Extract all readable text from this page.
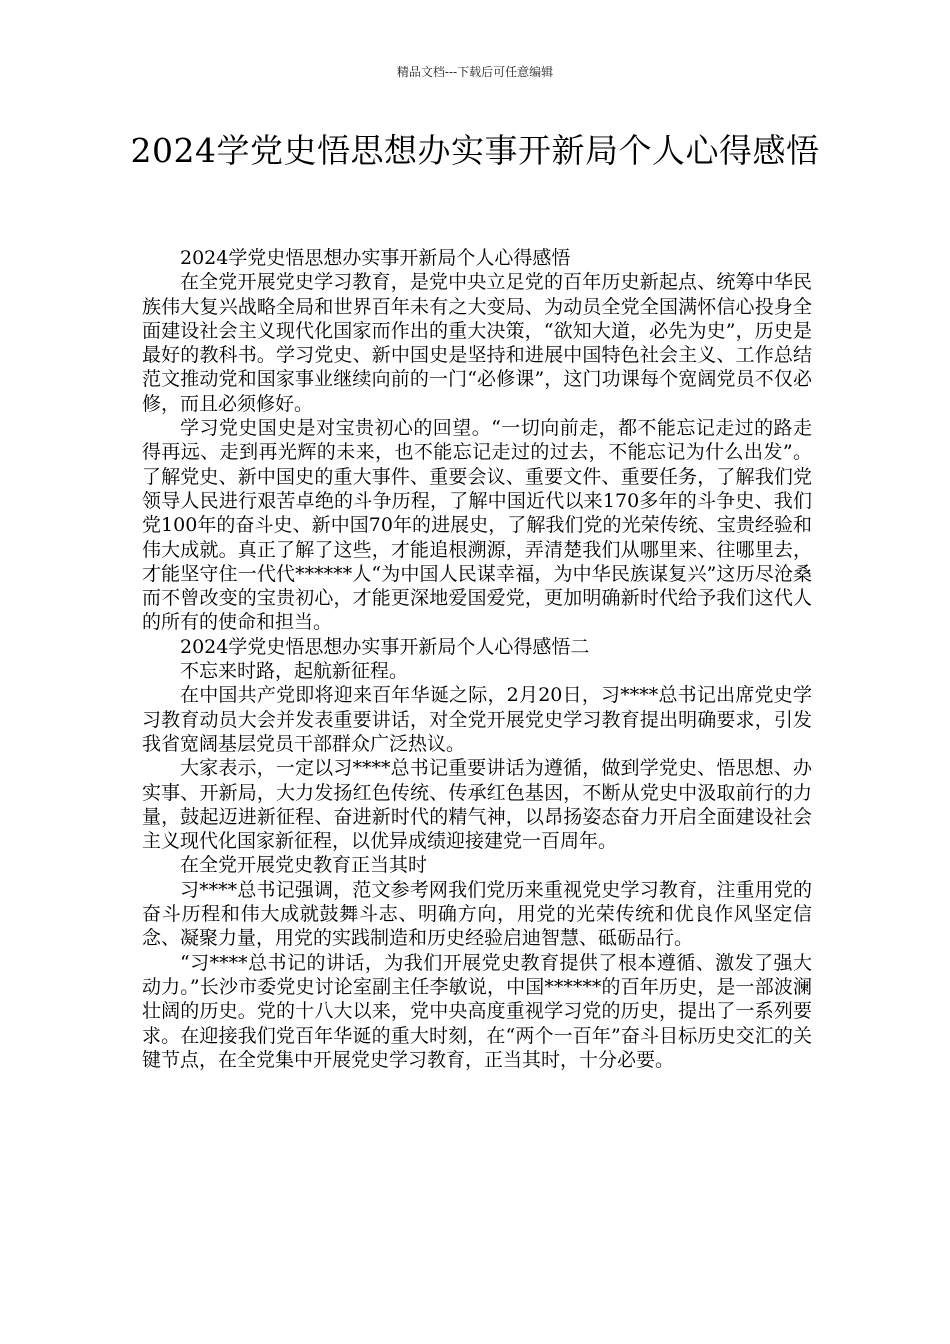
精品文档---下载后可任意编辑
2024学党史悟思想办实事开新局个人心得感悟

2024学党史悟思想办实事开新局个人心得感悟

在全党开展党史学习教育，是党中央立足党的百年历史新起点、统筹中华民族伟大复兴战略全局和世界百年未有之大变局、为动员全党全国满怀信心投身全面建设社会主义现代化国家而作出的重大决策，“欲知大道，必先为史”，历史是最好的教科书。学习党史、新中国史是坚持和进展中国特色社会主义、工作总结范文推动党和国家事业继续向前的一门“必修课”，这门功课每个宽阔党员不仅必修，而且必须修好。

学习党史国史是对宝贵初心的回望。“一切向前走，都不能忘记走过的路走得再远、走到再光辉的未来，也不能忘记走过的过去，不能忘记为什么出发”。了解党史、新中国史的重大事件、重要会议、重要文件、重要任务，了解我们党领导人民进行艰苦卓绝的斗争历程，了解中国近代以来170多年的斗争史、我们党100年的奋斗史、新中国70年的进展史，了解我们党的光荣传统、宝贵经验和伟大成就。真正了解了这些，才能追根溯源，弄清楚我们从哪里来、往哪里去，才能坚守住一代代******人“为中国人民谋幸福，为中华民族谋复兴”这历尽沧桑而不曾改变的宝贵初心，才能更深地爱国爱党，更加明确新时代给予我们这代人的所有的使命和担当。

2024学党史悟思想办实事开新局个人心得感悟二

不忘来时路，起航新征程。

在中国共产党即将迎来百年华诞之际，2月20日，习****总书记出席党史学习教育动员大会并发表重要讲话，对全党开展党史学习教育提出明确要求，引发我省宽阔基层党员干部群众广泛热议。

大家表示，一定以习****总书记重要讲话为遵循，做到学党史、悟思想、办实事、开新局，大力发扬红色传统、传承红色基因，不断从党史中汲取前行的力量，鼓起迈进新征程、奋进新时代的精气神，以昂扬姿态奋力开启全面建设社会主义现代化国家新征程，以优异成绩迎接建党一百周年。

在全党开展党史教育正当其时

习****总书记强调，范文参考网我们党历来重视党史学习教育，注重用党的奋斗历程和伟大成就鼓舞斗志、明确方向，用党的光荣传统和优良作风坚定信念、凝聚力量，用党的实践制造和历史经验启迪智慧、砥砺品行。

“习****总书记的讲话，为我们开展党史教育提供了根本遵循、激发了强大动力。”长沙市委党史讨论室副主任李敏说，中国******的百年历史，是一部波澜壮阔的历史。党的十八大以来，党中央高度重视学习党的历史，提出了一系列要求。在迎接我们党百年华诞的重大时刻，在“两个一百年”奋斗目标历史交汇的关键节点，在全党集中开展党史学习教育，正当其时，十分必要。
